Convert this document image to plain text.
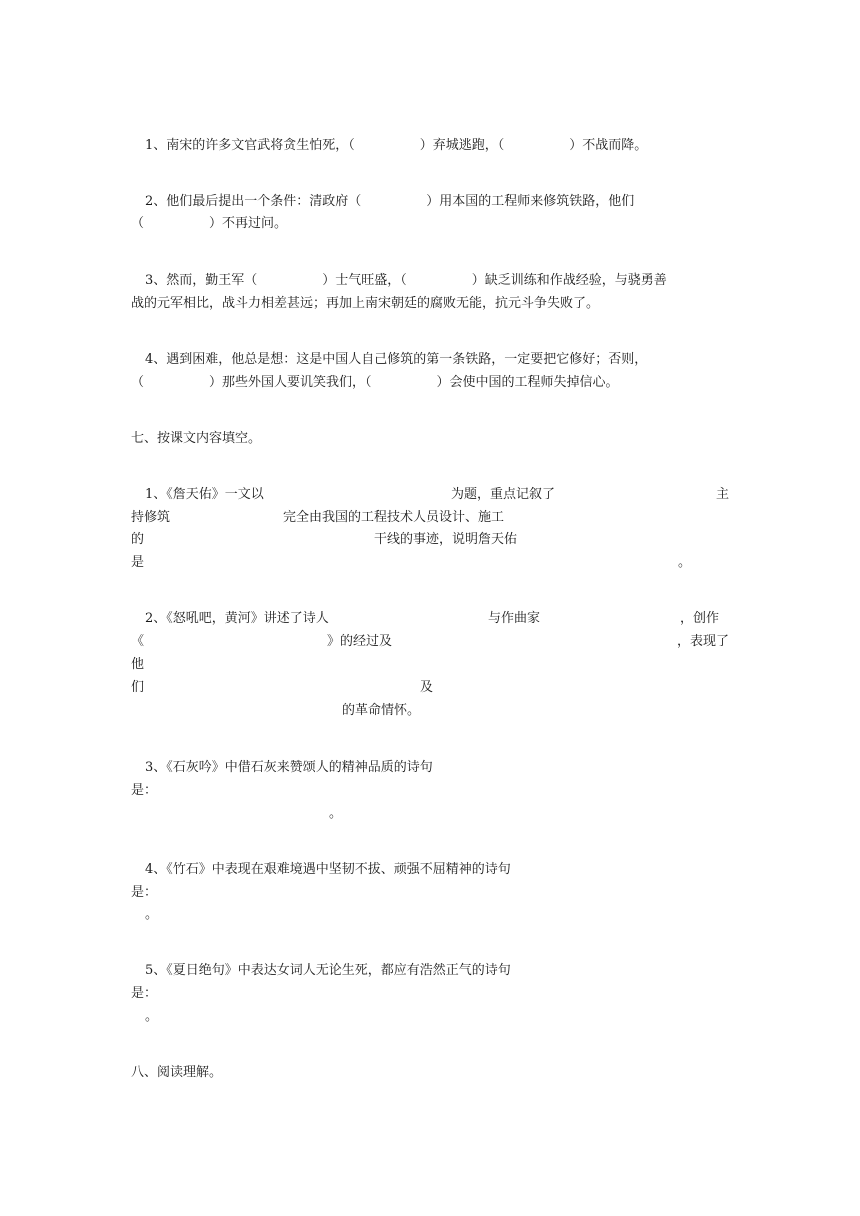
1、南宋的许多文官武将贪生怕死，（　　　　　）弃城逃跑，（　　　　　）不战而降。
2、他们最后提出一个条件：清政府（　　　　　）用本国的工程师来修筑铁路，他们
（　　　　　）不再过问。
3、然而，勤王军（　　　　　）士气旺盛，（　　　　　）缺乏训练和作战经验，与骁勇善
战的元军相比，战斗力相差甚远；再加上南宋朝廷的腐败无能，抗元斗争失败了。
4、遇到困难，他总是想：这是中国人自己修筑的第一条铁路，一定要把它修好；否则，
（　　　　　）那些外国人要讥笑我们，（　　　　　）会使中国的工程师失掉信心。
七、按课文内容填空。
1、《詹天佑》一文以	为题，重点记叙了	主
持修筑	完全由我国的工程技术人员设计、施工
的	干线的事迹，说明詹天佑
是	。
2、《怒吼吧，黄河》讲述了诗人	与作曲家	，创作
《	》的经过及	，表现了
他
们	及
的革命情怀。
3、《石灰吟》中借石灰来赞颂人的精神品质的诗句
是：
。
4、《竹石》中表现在艰难境遇中坚韧不拔、顽强不屈精神的诗句
是：
。
5、《夏日绝句》中表达女词人无论生死，都应有浩然正气的诗句
是：
。
八、阅读理解。
